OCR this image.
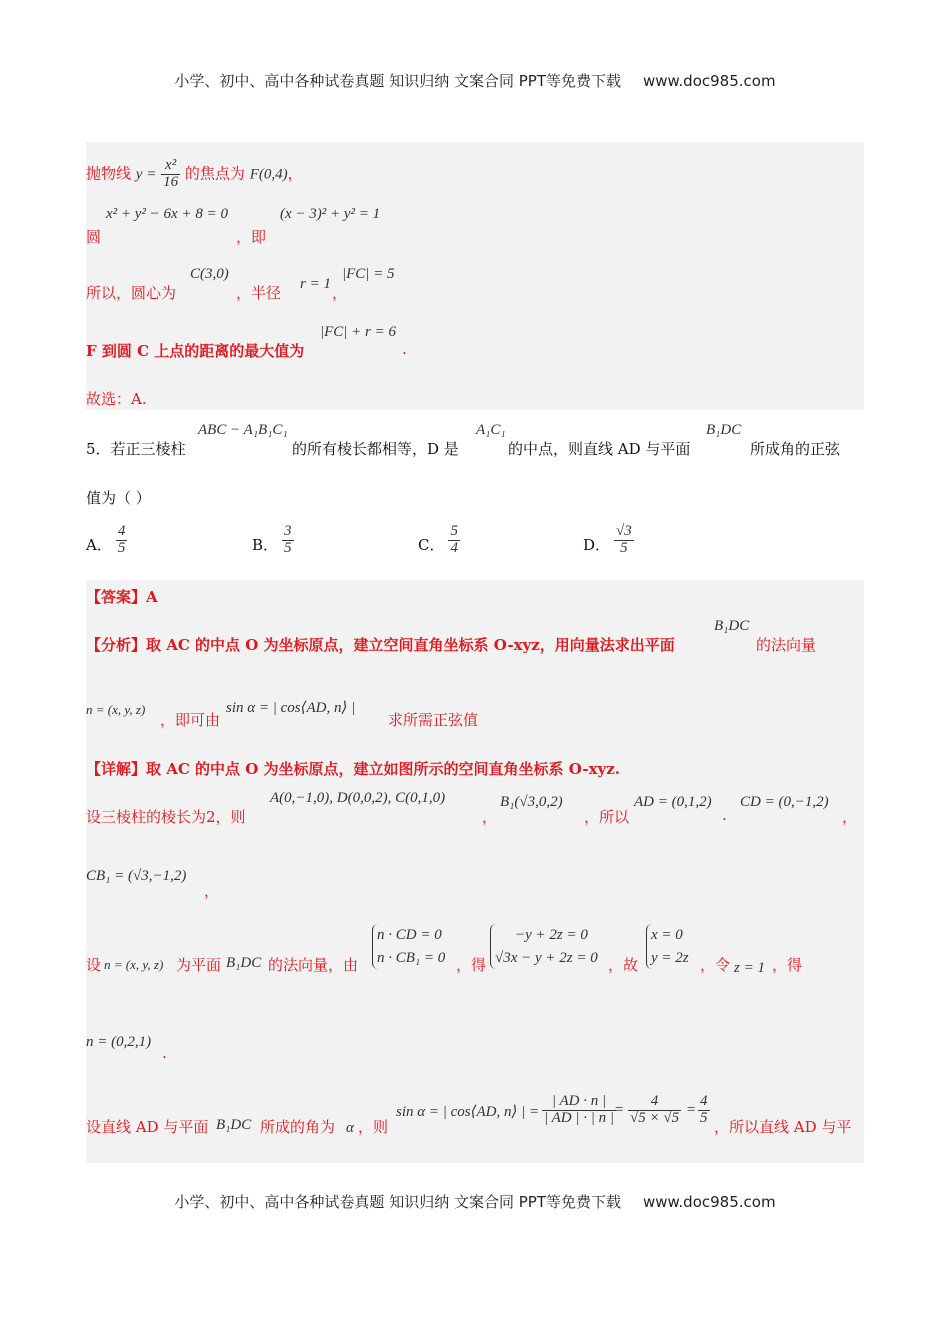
小学、初中、高中各种试卷真题 知识归纳 文案合同 PPT等免费下载 www.doc985.com
抛物线 $y = \frac{\text{x²}}{16}$ 的焦点为 F(0,4)，
x² + y² − 6x + 8 = 0
圆	，即
(x − 3)² + y² = 1
所以，圆心为
C(3,0)
，半径 r = 1 ，
|FC| = 5
F 到圆 C 上点的距离的最大值为
|FC| + r = 6
.
故选：A.
5．若正三棱柱
ABC − A₁B₁C₁
的所有棱长都相等，D 是
A₁C₁
的中点，则直线 AD 与平面
B₁DC
所成角的正弦
值为（ ）
A． $\frac{4}{5}$	B． $\frac{3}{5}$	C． $\frac{5}{4}$	D． $\frac{√3}{5}$
【答案】A
【分析】取 AC 的中点 O 为坐标原点，建立空间直角坐标系 O-xyz，用向量法求出平面
B₁DC
的法向量
n = (x, y, z)
，即可由
sin α = | cos⟨AD, n⟩ |
求所需正弦值
【详解】取 AC 的中点 O 为坐标原点，建立如图所示的空间直角坐标系 O-xyz.
设三棱柱的棱长为2，则
A(0,−1,0), D(0,0,2), C(0,1,0)
，
B₁(√3,0,2)
，所以
AD = (0,1,2)
.
CD = (0,−1,2)
，
CB₁ = (√3,−1,2)
，
设 n = (x, y, z) 为平面 B₁DC 的法向量，由
n · CD = 0
n · CB₁ = 0 ，得
−y + 2z = 0
√3x − y + 2z = 0 ，故
x = 0
y = 2z ，令 z = 1 ，得
n = (0,2,1)
.
设直线 AD 与平面 B₁DC 所成的角为 α ，则
sin α = | cos⟨AD, n⟩ | = $\frac{| AD \cdot n |}{| AD | \cdot | n |}$
= $\frac{4}{√5 \times √5} = \frac{4}{5}$
，所以直线 AD 与平
小学、初中、高中各种试卷真题 知识归纳 文案合同 PPT等免费下载 www.doc985.com
